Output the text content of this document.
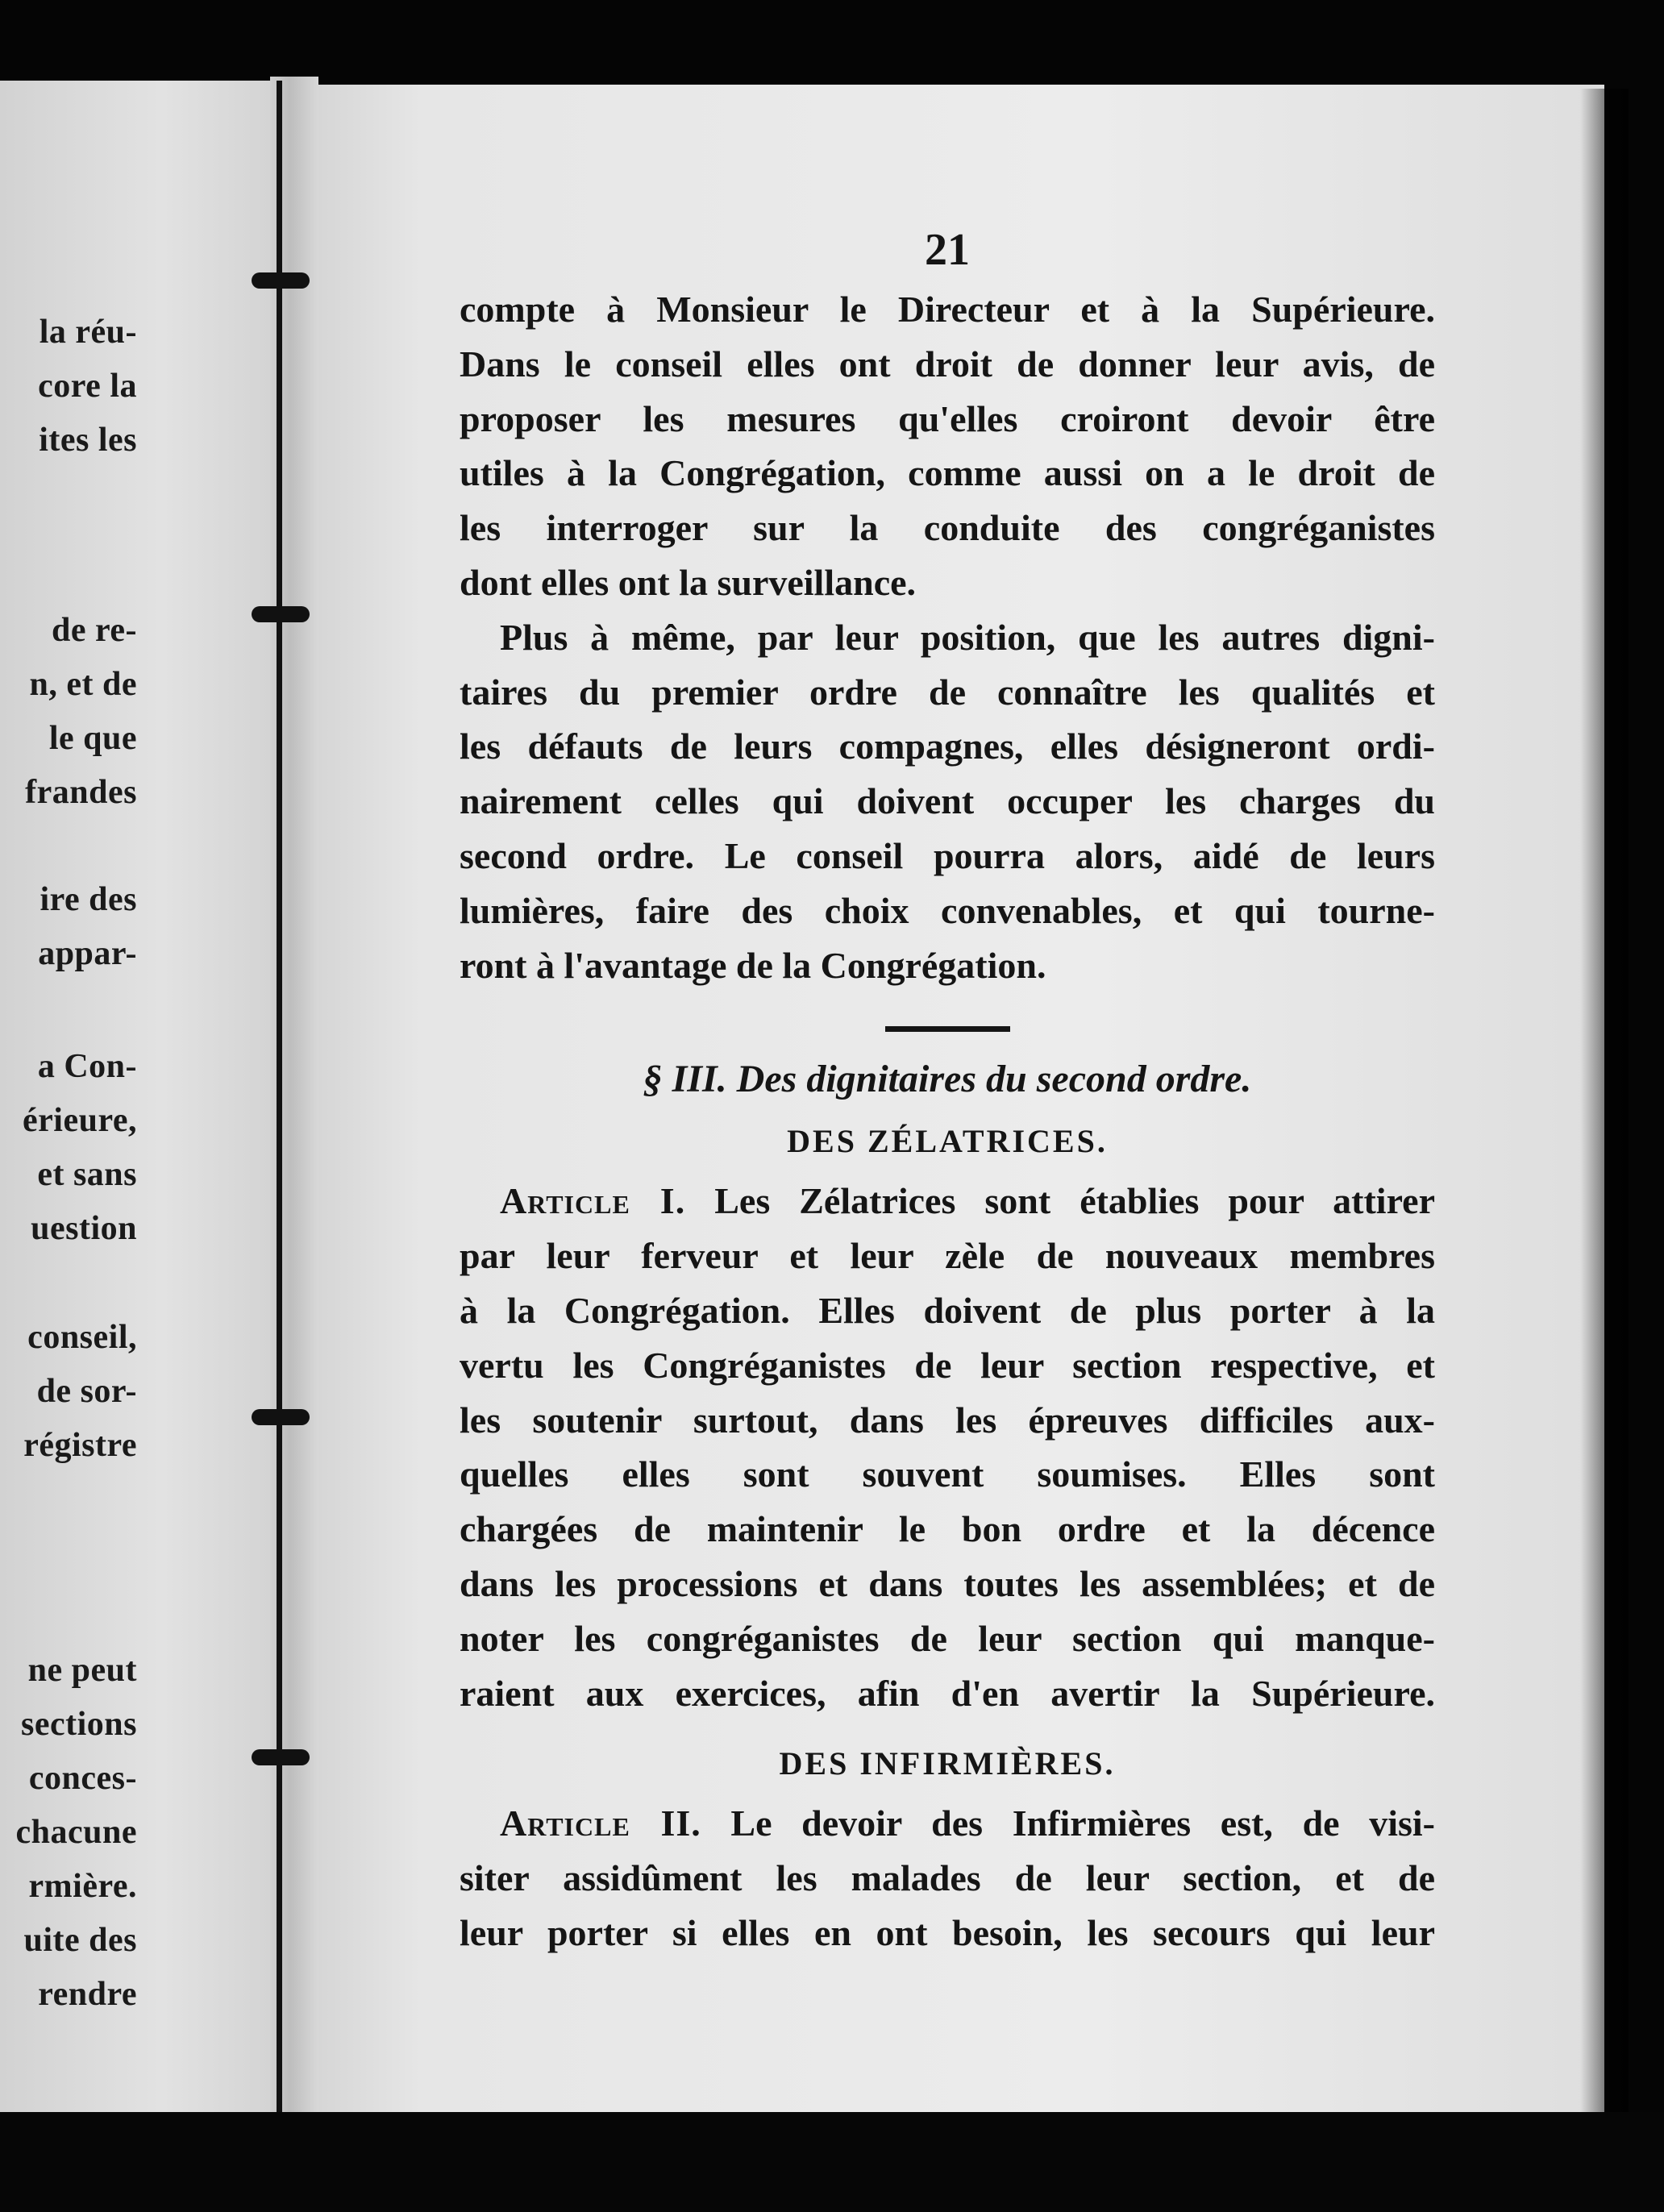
la réu-
core la
ites les
de re-
n, et de
le que
frandes
ire des
appar-
a Con-
érieure,
et sans
uestion
conseil,
de sor-
régistre
ne peut
sections
conces-
chacune
rmière.
uite des
rendre
21
compte à Monsieur le Directeur et à la Supérieure.
Dans le conseil elles ont droit de donner leur avis, de
proposer les mesures qu'elles croiront devoir être
utiles à la Congrégation, comme aussi on a le droit de
les interroger sur la conduite des congréganistes
dont elles ont la surveillance.
Plus à même, par leur position, que les autres digni-
taires du premier ordre de connaître les qualités et
les défauts de leurs compagnes, elles désigneront ordi-
nairement celles qui doivent occuper les charges du
second ordre. Le conseil pourra alors, aidé de leurs
lumières, faire des choix convenables, et qui tourne-
ront à l'avantage de la Congrégation.
§ III. Des dignitaires du second ordre.
DES ZÉLATRICES.
Article I. Les Zélatrices sont établies pour attirer
par leur ferveur et leur zèle de nouveaux membres
à la Congrégation. Elles doivent de plus porter à la
vertu les Congréganistes de leur section respective, et
les soutenir surtout, dans les épreuves difficiles aux-
quelles elles sont souvent soumises. Elles sont
chargées de maintenir le bon ordre et la décence
dans les processions et dans toutes les assemblées; et de
noter les congréganistes de leur section qui manque-
raient aux exercices, afin d'en avertir la Supérieure.
DES INFIRMIÈRES.
Article II. Le devoir des Infirmières est, de visi-
siter assidûment les malades de leur section, et de
leur porter si elles en ont besoin, les secours qui leur
